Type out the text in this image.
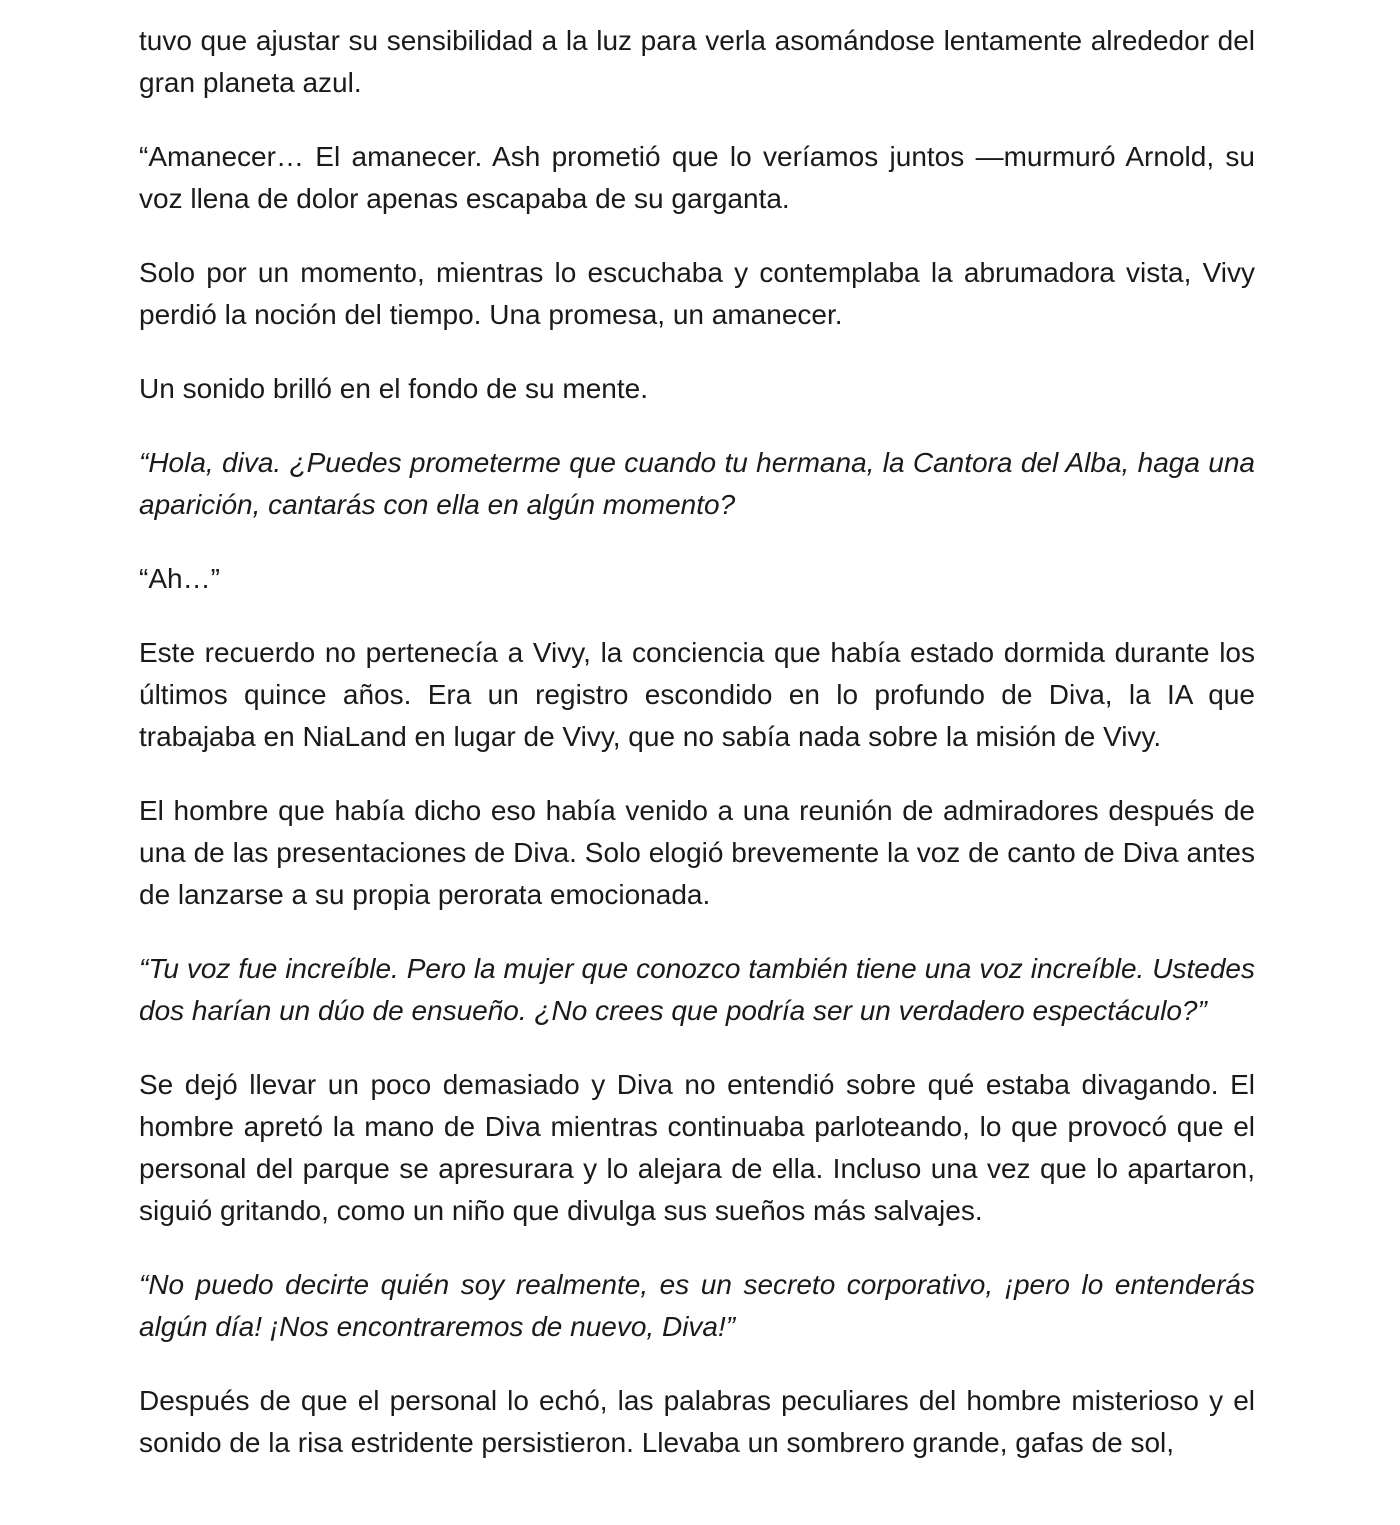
tuvo que ajustar su sensibilidad a la luz para verla asomándose lentamente alrededor del gran planeta azul.

“Amanecer… El amanecer. Ash prometió que lo veríamos juntos —murmuró Arnold, su voz llena de dolor apenas escapaba de su garganta.

Solo por un momento, mientras lo escuchaba y contemplaba la abrumadora vista, Vivy perdió la noción del tiempo. Una promesa, un amanecer.

Un sonido brilló en el fondo de su mente.

“Hola, diva. ¿Puedes prometerme que cuando tu hermana, la Cantora del Alba, haga una aparición, cantarás con ella en algún momento?

“Ah…”

Este recuerdo no pertenecía a Vivy, la conciencia que había estado dormida durante los últimos quince años. Era un registro escondido en lo profundo de Diva, la IA que trabajaba en NiaLand en lugar de Vivy, que no sabía nada sobre la misión de Vivy.

El hombre que había dicho eso había venido a una reunión de admiradores después de una de las presentaciones de Diva. Solo elogió brevemente la voz de canto de Diva antes de lanzarse a su propia perorata emocionada.

“Tu voz fue increíble. Pero la mujer que conozco también tiene una voz increíble. Ustedes dos harían un dúo de ensueño. ¿No crees que podría ser un verdadero espectáculo?”

Se dejó llevar un poco demasiado y Diva no entendió sobre qué estaba divagando. El hombre apretó la mano de Diva mientras continuaba parloteando, lo que provocó que el personal del parque se apresurara y lo alejara de ella. Incluso una vez que lo apartaron, siguió gritando, como un niño que divulga sus sueños más salvajes.

“No puedo decirte quién soy realmente, es un secreto corporativo, ¡pero lo entenderás algún día! ¡Nos encontraremos de nuevo, Diva!”

Después de que el personal lo echó, las palabras peculiares del hombre misterioso y el sonido de la risa estridente persistieron. Llevaba un sombrero grande, gafas de sol,
